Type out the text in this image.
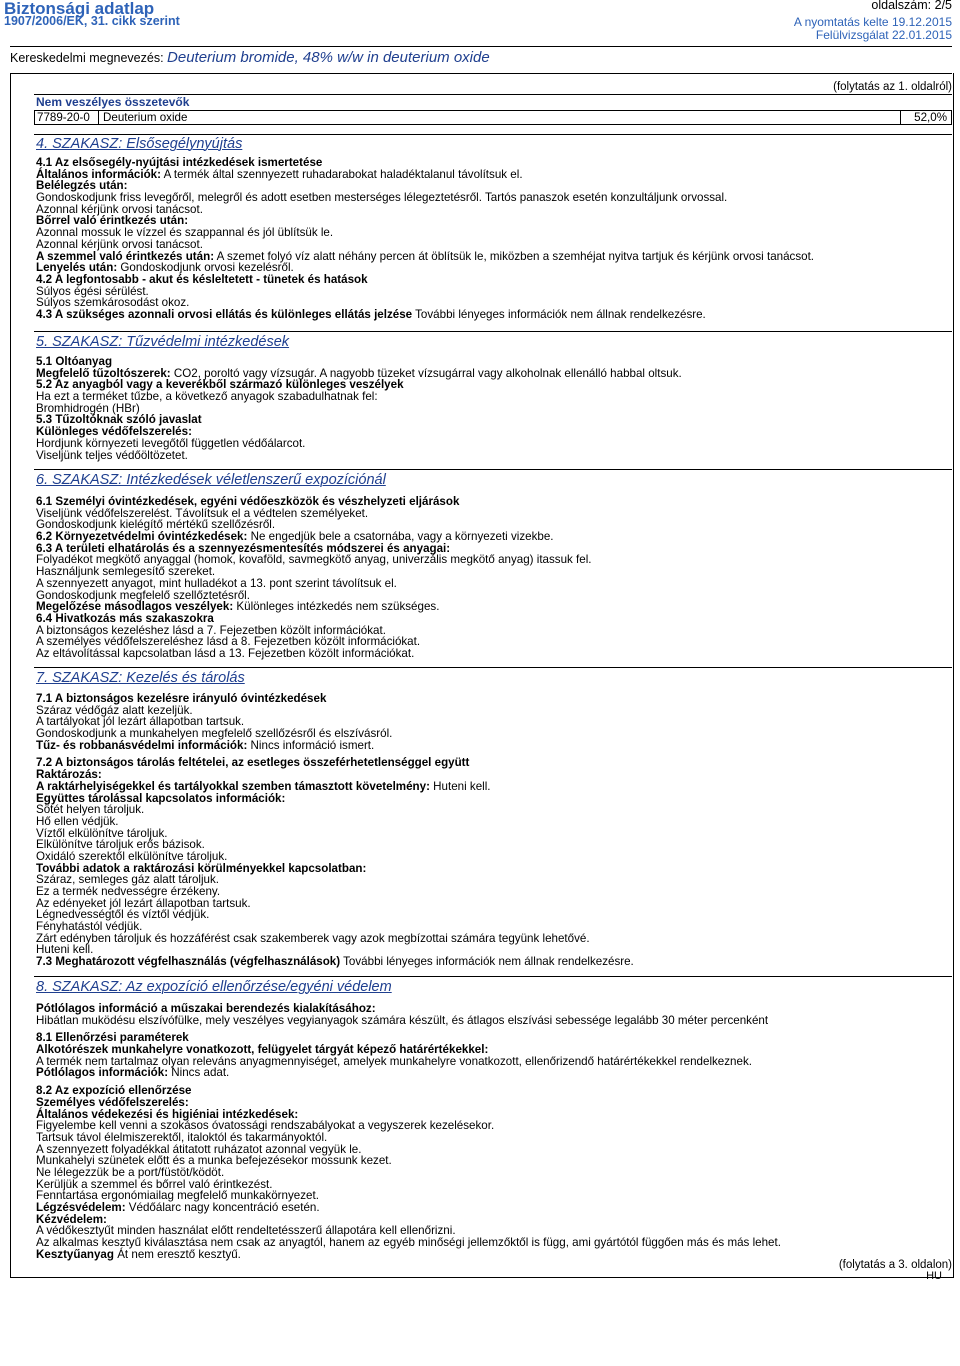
Biztonsági adatlap
1907/2006/EK, 31. cikk szerint
oldalszám: 2/5
A nyomtatás kelte 19.12.2015
Felülvizsgálat 22.01.2015
Kereskedelmi megnevezés: Deuterium bromide, 48% w/w in deuterium oxide
(folytatás az 1. oldalról)
Nem veszélyes összetevők
7789-20-0 Deuterium oxide	52,0%
4. SZAKASZ: Elsősegélynyújtás
4.1 Az elsősegély-nyújtási intézkedések ismertetése
Általános információk: A termék által szennyezett ruhadarabokat haladéktalanul távolítsuk el.
Belélegzés után:
Gondoskodjunk friss levegőről, melegről és adott esetben mesterséges lélegeztetésről. Tartós panaszok esetén konzultáljunk orvossal.
Azonnal kérjünk orvosi tanácsot.
Bőrrel való érintkezés után:
Azonnal mossuk le vízzel és szappannal és jól üblítsük le.
Azonnal kérjünk orvosi tanácsot.
A szemmel való érintkezés után: A szemet folyó víz alatt néhány percen át öblítsük le, miközben a szemhéjat nyitva tartjuk és kérjünk orvosi tanácsot.
Lenyelés után: Gondoskodjunk orvosi kezelésről.
4.2 A legfontosabb - akut és késleltetett - tünetek és hatások
Súlyos égési sérülést.
Súlyos szemkárosodást okoz.
4.3 A szükséges azonnali orvosi ellátás és különleges ellátás jelzése További lényeges információk nem állnak rendelkezésre.
5. SZAKASZ: Tűzvédelmi intézkedések
5.1 Oltóanyag
Megfelelő tűzoltószerek: CO2, poroltó vagy vízsugár. A nagyobb tüzeket vízsugárral vagy alkoholnak ellenálló habbal oltsuk.
5.2 Az anyagból vagy a keverékből származó különleges veszélyek
Ha ezt a terméket tűzbe, a következő anyagok szabadulhatnak fel:
Bromhidrogén (HBr)
5.3 Tűzoltóknak szóló javaslat
Különleges védőfelszerelés:
Hordjunk környezeti levegőtől független védőálarcot.
Viseljünk teljes védőöltözetet.
6. SZAKASZ: Intézkedések véletlenszerű expozíciónál
6.1 Személyi óvintézkedések, egyéni védőeszközök és vészhelyzeti eljárások
Viseljünk védőfelszerelést. Távolítsuk el a védtelen személyeket.
Gondoskodjunk kielégítő mértékű szellőzésről.
6.2 Környezetvédelmi óvintézkedések: Ne engedjük bele a csatornába, vagy a környezeti vizekbe.
6.3 A területi elhatárolás és a szennyezésmentesítés módszerei és anyagai:
Folyadékot megkötő anyaggal (homok, kovaföld, savmegkötő anyag, univerzális megkötő anyag) itassuk fel.
Használjunk semlegesítő szereket.
A szennyezett anyagot, mint hulladékot a 13. pont szerint távolítsuk el.
Gondoskodjunk megfelelő szellőztetésről.
Megelőzése másodlagos veszélyek: Különleges intézkedés nem szükséges.
6.4 Hivatkozás más szakaszokra
A biztonságos kezeléshez lásd a 7. Fejezetben közölt információkat.
A személyes védőfelszereléshez lásd a 8. Fejezetben közölt információkat.
Az eltávolítással kapcsolatban lásd a 13. Fejezetben közölt információkat.
7. SZAKASZ: Kezelés és tárolás
7.1 A biztonságos kezelésre irányuló óvintézkedések
Száraz védőgáz alatt kezeljük.
A tartályokat jól lezárt állapotban tartsuk.
Gondoskodjunk a munkahelyen megfelelő szellőzésről és elszívásról.
Tűz- és robbanásvédelmi információk: Nincs információ ismert.
7.2 A biztonságos tárolás feltételei, az esetleges összeférhetetlenséggel együtt
Raktározás:
A raktárhelyiségekkel és tartályokkal szemben támasztott követelmény: Huteni kell.
Együttes tárolással kapcsolatos információk:
Sötét helyen tároljuk.
Hő ellen védjük.
Víztől elkülönítve tároljuk.
Elkülönítve tároljuk erős bázisok.
Oxidáló szerektől elkülönítve tároljuk.
További adatok a raktározási körülményekkel kapcsolatban:
Száraz, semleges gáz alatt tároljuk.
Ez a termék nedvességre érzékeny.
Az edényeket jól lezárt állapotban tartsuk.
Légnedvességtől és víztől védjük.
Fényhatástól védjük.
Zárt edényben tároljuk és hozzáférést csak szakemberek vagy azok megbízottai számára tegyünk lehetővé.
Huteni kell.
7.3 Meghatározott végfelhasználás (végfelhasználások) További lényeges információk nem állnak rendelkezésre.
8. SZAKASZ: Az expozíció ellenőrzése/egyéni védelem
Pótlólagos információ a műszakai berendezés kialakításához:
Hibátlan muködésu elszívófülke, mely veszélyes vegyianyagok számára készült, és átlagos elszívási sebessége legalább 30 méter percenként
8.1 Ellenőrzési paraméterek
Alkotórészek munkahelyre vonatkozott, felügyelet tárgyát képező határértékekkel:
A termék nem tartalmaz olyan releváns anyagmennyiséget, amelyek munkahelyre vonatkozott, ellenőrizendő határértékekkel rendelkeznek.
Pótlólagos információk: Nincs adat.
8.2 Az expozíció ellenőrzése
Személyes védőfelszerelés:
Általános védekezési és higiéniai intézkedések:
Figyelembe kell venni a szokásos óvatossági rendszabályokat a vegyszerek kezelésekor.
Tartsuk távol élelmiszerektől, italoktól és takarmányoktól.
A szennyezett folyadékkal átitatott ruházatot azonnal vegyük le.
Munkahelyi szünetek előtt és a munka befejezésekor mossunk kezet.
Ne lélegezzük be a port/füstöt/ködöt.
Kerüljük a szemmel és bőrrel való érintkezést.
Fenntartása ergonómiailag megfelelő munkakörnyezet.
Légzésvédelem: Védőálarc nagy koncentráció esetén.
Kézvédelem:
A védőkesztyűt minden használat előtt rendeltetésszerű állapotára kell ellenőrizni.
Az alkalmas kesztyű kiválasztása nem csak az anyagtól, hanem az egyéb minőségi jellemzőktől is függ, ami gyártótól függően más és más lehet.
Kesztyűanyag Át nem eresztő kesztyű.
(folytatás a 3. oldalon)
HU
